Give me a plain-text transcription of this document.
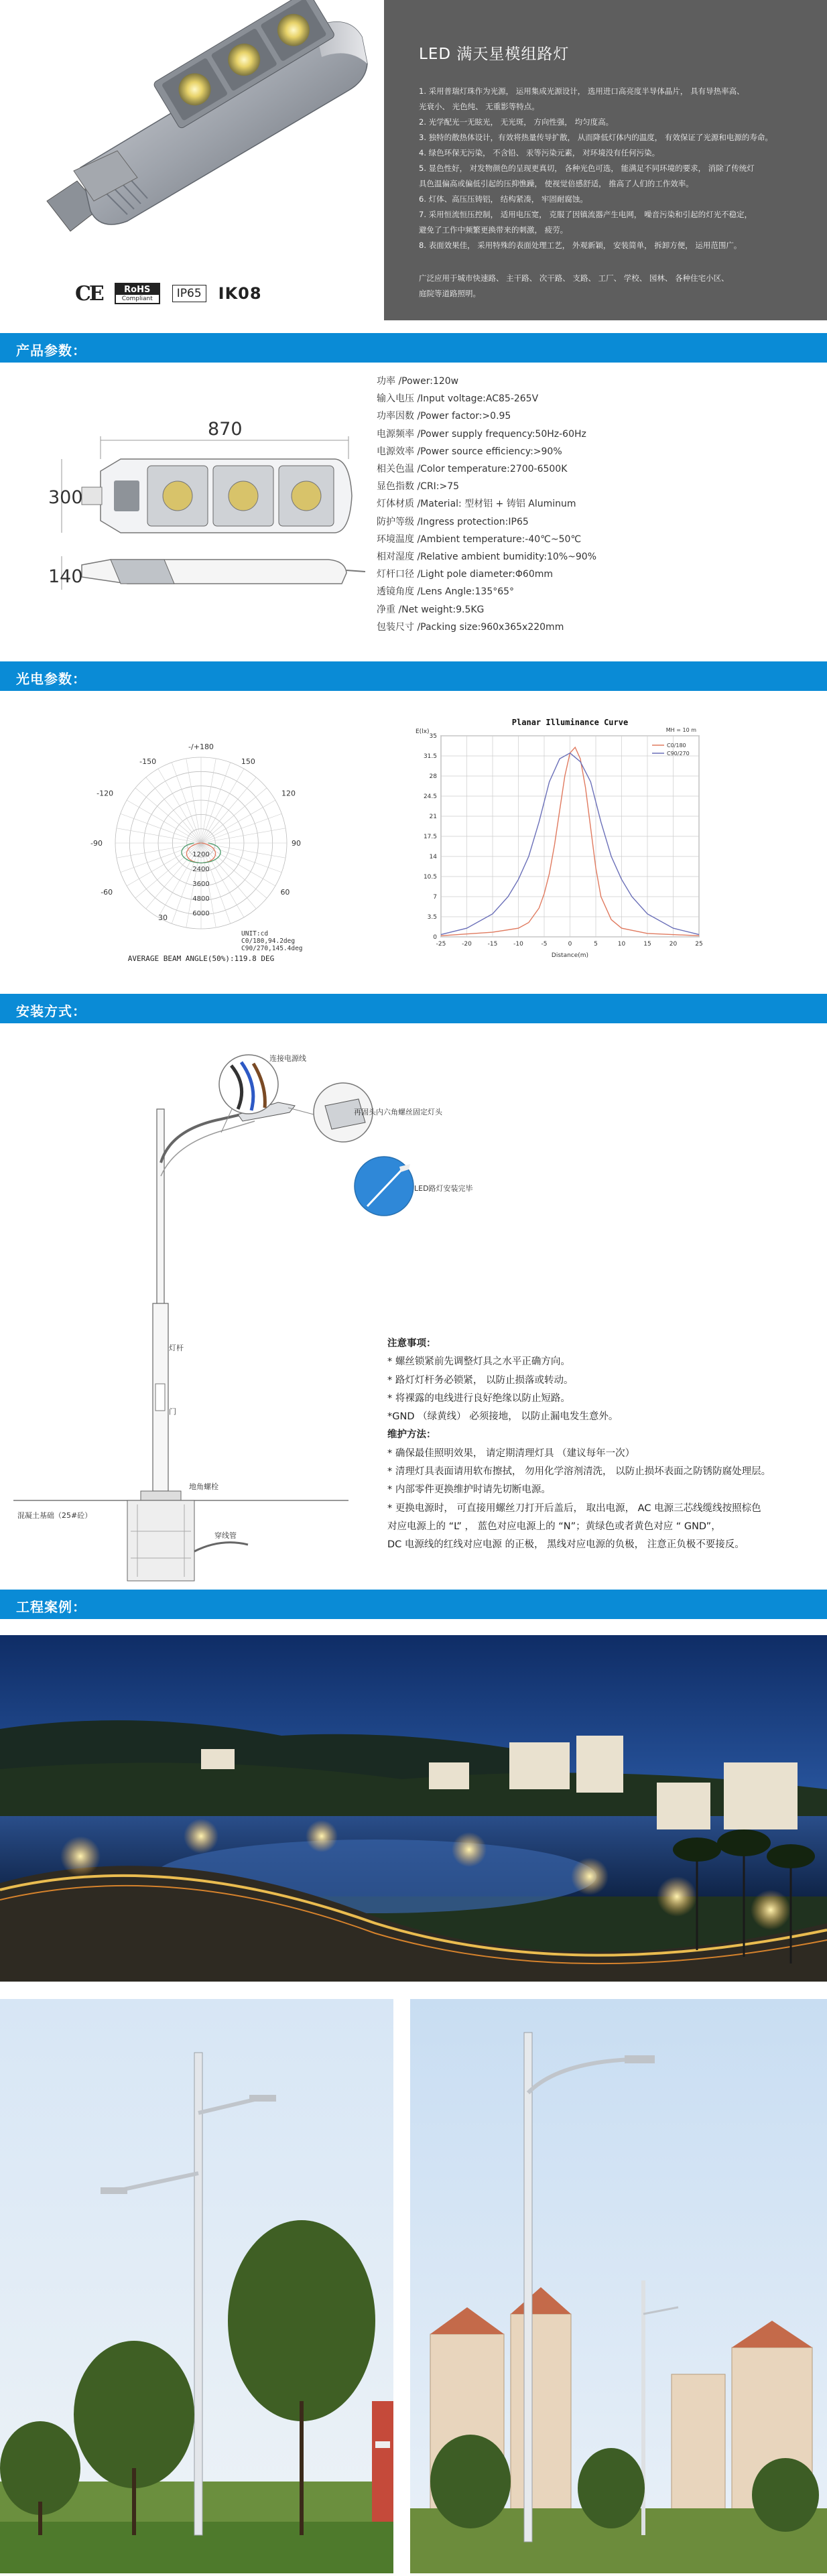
CE	RoHS
Compliant	IP65 IK08
LED 满天星模组路灯
1. 采用普瑞灯珠作为光源， 运用集成光源设计， 选用进口高亮度半导体晶片， 具有导热率高、
光衰小、 光色纯、 无重影等特点。
2. 光学配光一无眩光， 无光斑， 方向性强， 均匀度高。
3. 独特的散热体设计，有效将热量传导扩散， 从而降低灯体内的温度， 有效保证了光源和电源的寿命。
4. 绿色环保无污染， 不含铅、 汞等污染元素， 对环境没有任何污染。
5. 显色性好， 对发物颜色的呈现更真切， 各种光色可选， 能满足不同环境的要求， 消除了传统灯
具色温偏高或偏低引起的压抑憔躁， 使视觉倍感舒适， 推高了人们的工作效率。
6. 灯体、高压压铸铝， 结构紧凑， 牢固耐腐蚀。
7. 采用恒流恒压控制， 适用电压宽， 克服了因镇流器产生电网， 噪音污染和引起的灯光不稳定，
避免了工作中频繁更换带来的刺激， 疲劳。
8. 表面效果佳， 采用特殊的表面处理工艺， 外观新颖， 安装简单， 拆卸方便， 运用范围广。
广泛应用于城市快速路、 主干路、 次干路、 支路、 工厂、 学校、 园林、 各种住宅小区、
庭院等道路照明。
产品参数：
870
300
140
功率 /Power:120w
输入电压 /Input voltage:AC85-265V
功率因数 /Power factor:>0.95
电源频率 /Power supply frequency:50Hz-60Hz
电源效率 /Power source efficiency:>90%
相关色温 /Color temperature:2700-6500K
显色指数 /CRI:>75
灯体材质 /Material: 型材铝 + 铸铝 Aluminum
防护等级 /Ingress protection:IP65
环境温度 /Ambient temperature:-40℃~50℃
相对湿度 /Relative ambient bumidity:10%~90%
灯杆口径 /Light pole diameter:Φ60mm
透镜角度 /Lens Angle:135°65°
净重 /Net weight:9.5KG
包装尺寸 /Packing size:960x365x220mm
光电参数：
-/+180
150
120
90
60
-150
-120
-90
-60
30
1200
2400
3600
4800
6000
UNIT:cd
C0/180,94.2deg
C90/270,145.4deg
AVERAGE BEAM ANGLE(50%):119.8 DEG
-25	-20	-15	-10	-5	0	5	10	15	20	25
35
31.5
28
24.5
21
17.5
14
10.5
7
3.5
0
Planar Illuminance Curve
E(lx)
Distance(m)
MH = 10 m
C0/180
C90/270
安装方式：
连接电源线
再固头内六角螺丝固定灯头
灯杆
门
地角螺栓
穿线管
混凝土基础（25#砼）
LED路灯安装完毕
注意事项：
* 螺丝锁紧前先调整灯具之水平正确方向。
* 路灯灯杆务必锁紧， 以防止损落或转动。
* 将裸露的电线进行良好绝缘以防止短路。
*GND （绿黄线） 必须接地， 以防止漏电发生意外。
维护方法：
* 确保最佳照明效果， 请定期清理灯具 （建议每年一次）
* 清理灯具表面请用软布擦拭， 勿用化学溶剂清洗， 以防止损坏表面之防锈防腐处理层。
* 内部零件更换维护时请先切断电源。
* 更换电源时， 可直接用螺丝刀打开后盖后， 取出电源， AC 电源三芯线缆线按照棕色
对应电源上的 “L” ， 蓝色对应电源上的 “N”；黄绿色或者黄色对应 “ GND”，
DC 电源线的红线对应电源 的正极， 黑线对应电源的负极， 注意正负极不要接反。
工程案例：
